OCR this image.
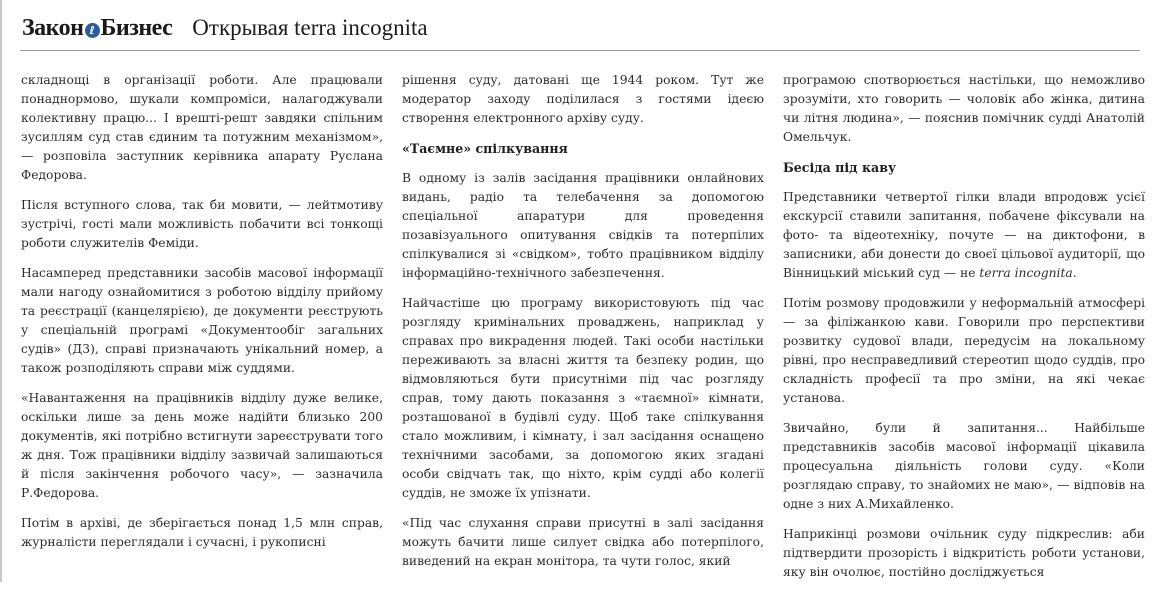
Закон ℓ Бизнес Открывая terra incognita

складнощі в організації роботи. Але працювали понаднормово, шукали компроміси, налагоджували колективну працю... І врешті-решт завдяки спільним зусиллям суд став єдиним та потужним механізмом», — розповіла заступник керівника апарату Руслана Федорова.

Після вступного слова, так би мовити, — лейтмотиву зустрічі, гості мали можливість побачити всі тонкощі роботи служителів Феміди.

Насамперед представники засобів масової інформації мали нагоду ознайомитися з роботою відділу прийому та реєстрації (канцелярією), де документи реєструють у спеціальній програмі «Документообіг загальних судів» (Д3), справі призначають унікальний номер, а також розподіляють справи між суддями.

«Навантаження на працівників відділу дуже велике, оскільки лише за день може надійти близько 200 документів, які потрібно встигнути зареєструвати того ж дня. Тож працівники відділу зазвичай залишаються й після закінчення робочого часу», — зазначила Р.Федорова.

Потім в архіві, де зберігається понад 1,5 млн справ, журналісти переглядали і сучасні, і рукописні

рішення суду, датовані ще 1944 роком. Тут же модератор заходу поділилася з гостями ідеєю створення електронного архіву суду.

«Таємне» спілкування

В одному із залів засідання працівники онлайнових видань, радіо та телебачення за допомогою спеціальної апаратури для проведення позавізуального опитування свідків та потерпілих спілкувалися зі «свідком», тобто працівником відділу інформаційно-технічного забезпечення.

Найчастіше цю програму використовують під час розгляду кримінальних проваджень, наприклад у справах про викрадення людей. Такі особи настільки переживають за власні життя та безпеку родин, що відмовляються бути присутніми під час розгляду справ, тому дають показання з «таємної» кімнати, розташованої в будівлі суду. Щоб таке спілкування стало можливим, і кімнату, і зал засідання оснащено технічними засобами, за допомогою яких згадані особи свідчать так, що ніхто, крім судді або колегії суддів, не зможе їх упізнати.

«Під час слухання справи присутні в залі засідання можуть бачити лише силует свідка або потерпілого, виведений на екран монітора, та чути голос, який

програмою спотворюється настільки, що неможливо зрозуміти, хто говорить — чоловік або жінка, дитина чи літня людина», — пояснив помічник судді Анатолій Омельчук.

Бесіда під каву

Представники четвертої гілки влади впродовж усієї екскурсії ставили запитання, побачене фіксували на фото- та відеотехніку, почуте — на диктофони, в записники, аби донести до своєї цільової аудиторії, що Вінницький міський суд — не terra incognita.

Потім розмову продовжили у неформальній атмосфері — за філіжанкою кави. Говорили про перспективи розвитку судової влади, передусім на локальному рівні, про несправедливий стереотип щодо суддів, про складність професії та про зміни, на які чекає установа.

Звичайно, були й запитання... Найбільше представників засобів масової інформації цікавила процесуальна діяльність голови суду. «Коли розглядаю справу, то знайомих не маю», — відповів на одне з них А.Михайленко.

Наприкінці розмови очільник суду підкреслив: аби підтвердити прозорість і відкритість роботи установи, яку він очолює, постійно досліджується
